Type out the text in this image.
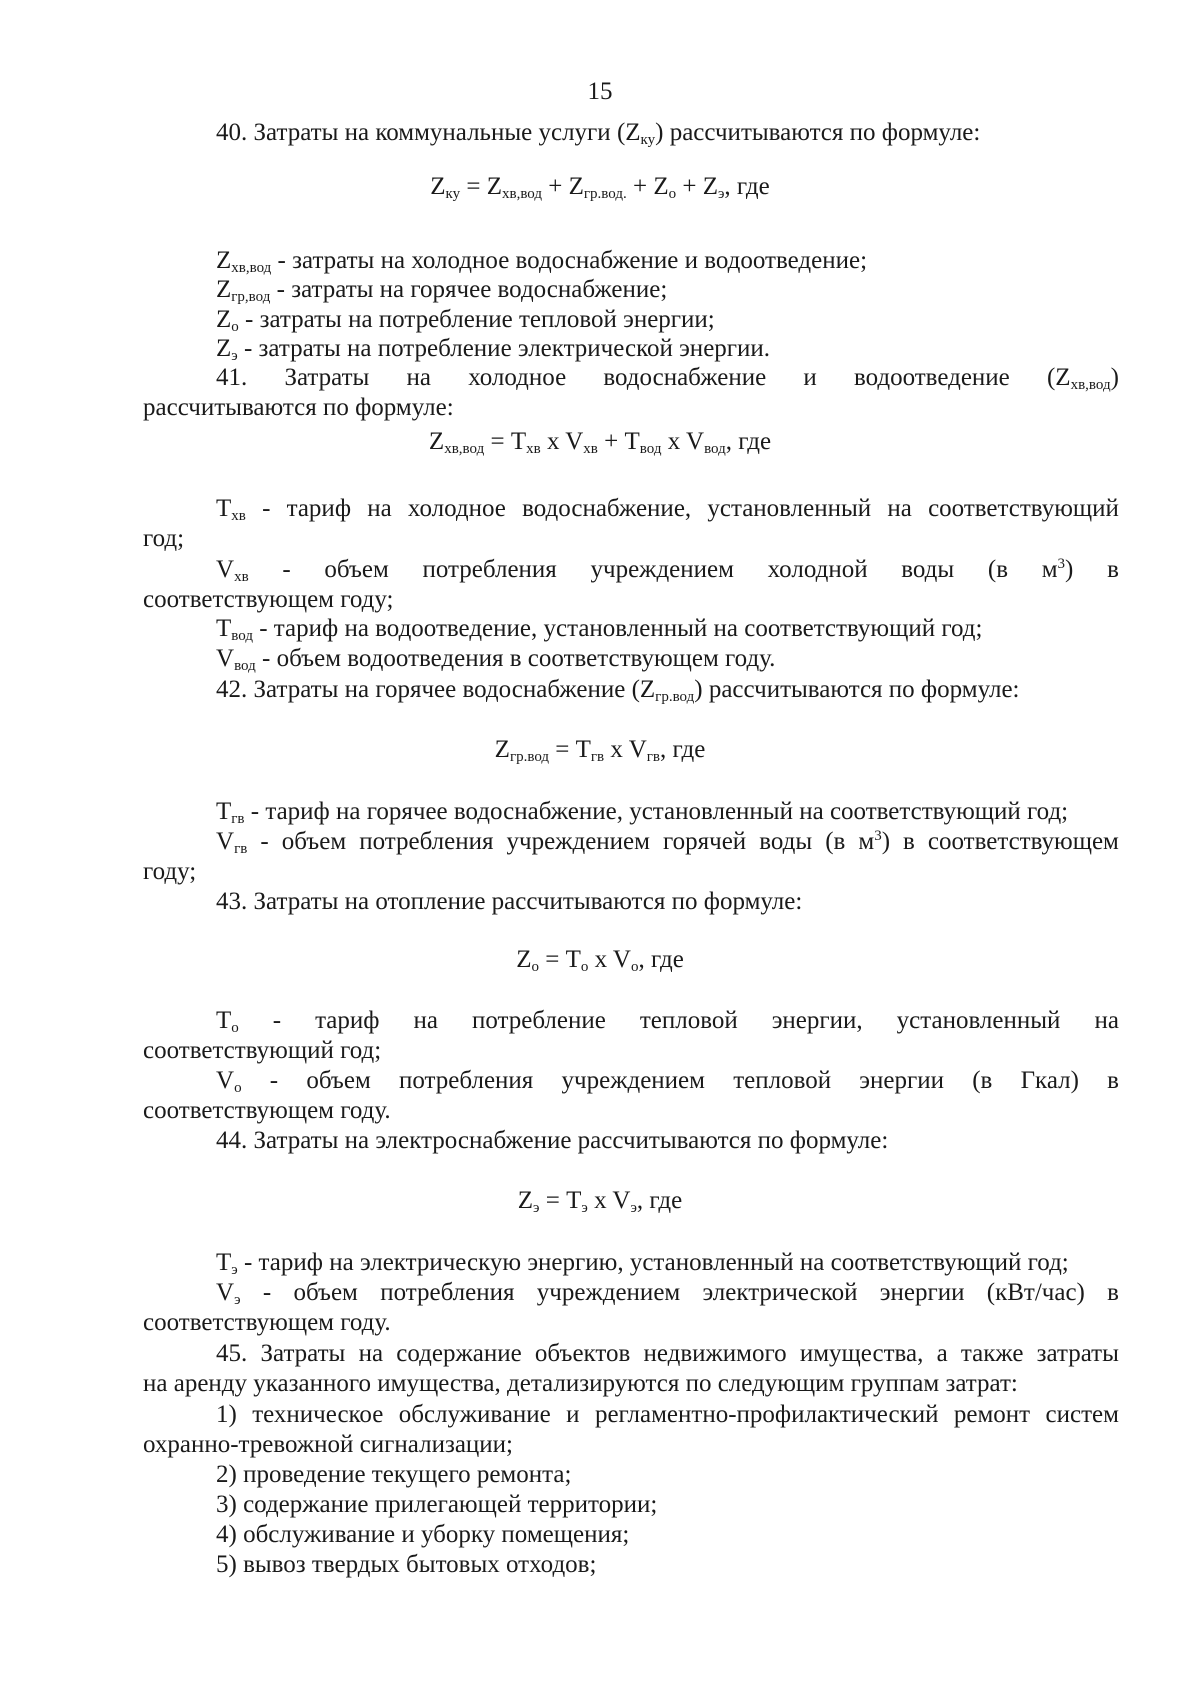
15
40. Затраты на коммунальные услуги $(Z_{ку})$ рассчитываются по формуле:
$Z_{ку} = Z_{хв,вод} + Z_{гр.вод.} + Z_о + Z_э$, где
$Z_{хв,вод}$ - затраты на холодное водоснабжение и водоотведение;
$Z_{гр,вод}$ - затраты на горячее водоснабжение;
$Z_о$ - затраты на потребление тепловой энергии;
$Z_э$ - затраты на потребление электрической энергии.
41. Затраты на холодное водоснабжение и водоотведение $(Z_{хв,вод})$
рассчитываются по формуле:
$Z_{хв,вод} = T_{хв}$ x $V_{хв} + T_{вод}$ x $V_{вод}$, где
$Т_{хв}$ - тариф на холодное водоснабжение, установленный на соответствующий
год;
$V_{хв}$ - объем потребления учреждением холодной воды (в $м^3$) в
соответствующем году;
$Т_{вод}$ - тариф на водоотведение, установленный на соответствующий год;
$V_{вод}$ - объем водоотведения в соответствующем году.
42. Затраты на горячее водоснабжение $(Z_{гр.вод})$ рассчитываются по формуле:
$Z_{гр.вод} = T_{гв}$ x $V_{гв}$, где
$Т_{гв}$ - тариф на горячее водоснабжение, установленный на соответствующий год;
$V_{гв}$ - объем потребления учреждением горячей воды (в $м^3$) в соответствующем
году;
43. Затраты на отопление рассчитываются по формуле:
$Z_о = T_о$ x $V_о$, где
$Т_о$ - тариф на потребление тепловой энергии, установленный на
соответствующий год;
$V_о$ - объем потребления учреждением тепловой энергии (в Гкал) в
соответствующем году.
44. Затраты на электроснабжение рассчитываются по формуле:
$Z_э = T_э$ x $V_э$, где
$Т_э$ - тариф на электрическую энергию, установленный на соответствующий год;
$V_э$ - объем потребления учреждением электрической энергии (кВт/час) в
соответствующем году.
45. Затраты на содержание объектов недвижимого имущества, а также затраты
на аренду указанного имущества, детализируются по следующим группам затрат:
1) техническое обслуживание и регламентно-профилактический ремонт систем
охранно-тревожной сигнализации;
2) проведение текущего ремонта;
3) содержание прилегающей территории;
4) обслуживание и уборку помещения;
5) вывоз твердых бытовых отходов;
